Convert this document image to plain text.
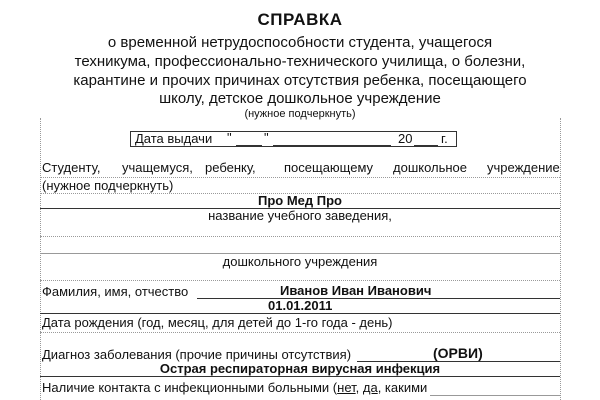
СПРАВКА
о временной нетрудоспособности студента, учащегося
техникума, профессионально-технического училища, о болезни,
карантине и прочих причинах отсутствия ребенка, посещающего
школу, детское дошкольное учреждение
(нужное подчеркнуть)
Дата выдачи " "	20 г.
Студенту, учащемуся, ребенку, посещающему дошкольное учреждение
(нужное подчеркнуть)
Про Мед Про
название учебного заведения,
дошкольного учреждения
Фамилия, имя, отчество	Иванов Иван Иванович
01.01.2011
Дата рождения (год, месяц, для детей до 1-го года - день)
Диагноз заболевания (прочие причины отсутствия)	(ОРВИ)
Острая респираторная вирусная инфекция
Наличие контакта с инфекционными больными (нет, да, какими
